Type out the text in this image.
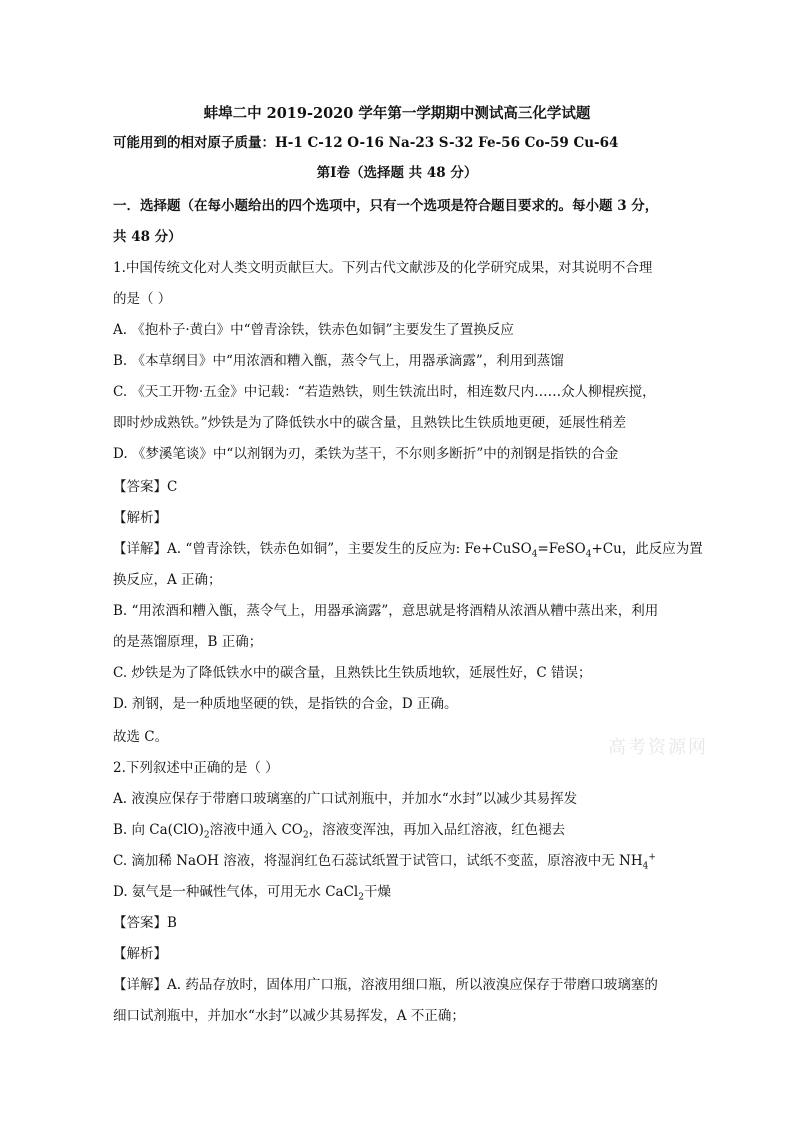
蚌埠二中 2019-2020 学年第一学期期中测试高三化学试题
可能用到的相对原子质量：H-1 C-12 O-16 Na-23 S-32 Fe-56 Co-59 Cu-64
第Ⅰ卷（选择题 共 48 分）
一．选择题（在每小题给出的四个选项中，只有一个选项是符合题目要求的。每小题 3 分，
共 48 分）
1.中国传统文化对人类文明贡献巨大。下列古代文献涉及的化学研究成果，对其说明不合理
的是（ ）
A. 《抱朴子·黄白》中“曾青涂铁，铁赤色如铜”主要发生了置换反应
B. 《本草纲目》中“用浓酒和糟入甑，蒸令气上，用器承滴露”，利用到蒸馏
C. 《天工开物·五金》中记载：“若造熟铁，则生铁流出时，相连数尺内……众人柳棍疾搅，
即时炒成熟铁。”炒铁是为了降低铁水中的碳含量，且熟铁比生铁质地更硬，延展性稍差
D. 《梦溪笔谈》中“以剂钢为刃，柔铁为茎干，不尔则多断折”中的剂钢是指铁的合金
【答案】C
【解析】
【详解】A. “曾青涂铁，铁赤色如铜”，主要发生的反应为: Fe+CuSO$_4$=FeSO$_4$+Cu，此反应为置
换反应，A 正确；
B. “用浓酒和糟入甑，蒸令气上，用器承滴露”，意思就是将酒精从浓酒从糟中蒸出来，利用
的是蒸馏原理，B 正确；
C. 炒铁是为了降低铁水中的碳含量，且熟铁比生铁质地软，延展性好，C 错误；
D. 剂钢，是一种质地坚硬的铁，是指铁的合金，D 正确。
故选 C。
2.下列叙述中正确的是（ ）
A. 液溴应保存于带磨口玻璃塞的广口试剂瓶中，并加水“水封”以减少其易挥发
B. 向 $Ca(ClO)_2$溶液中通入 $CO_2$，溶液变浑浊，再加入品红溶液，红色褪去
C. 滴加稀 NaOH 溶液，将湿润红色石蕊试纸置于试管口，试纸不变蓝，原溶液中无 $NH_4^+$
D. 氨气是一种碱性气体，可用无水 CaCl$_2$干燥
【答案】B
【解析】
【详解】A. 药品存放时，固体用广口瓶，溶液用细口瓶，所以液溴应保存于带磨口玻璃塞的
细口试剂瓶中，并加水“水封”以减少其易挥发，A 不正确；
高考资源网
